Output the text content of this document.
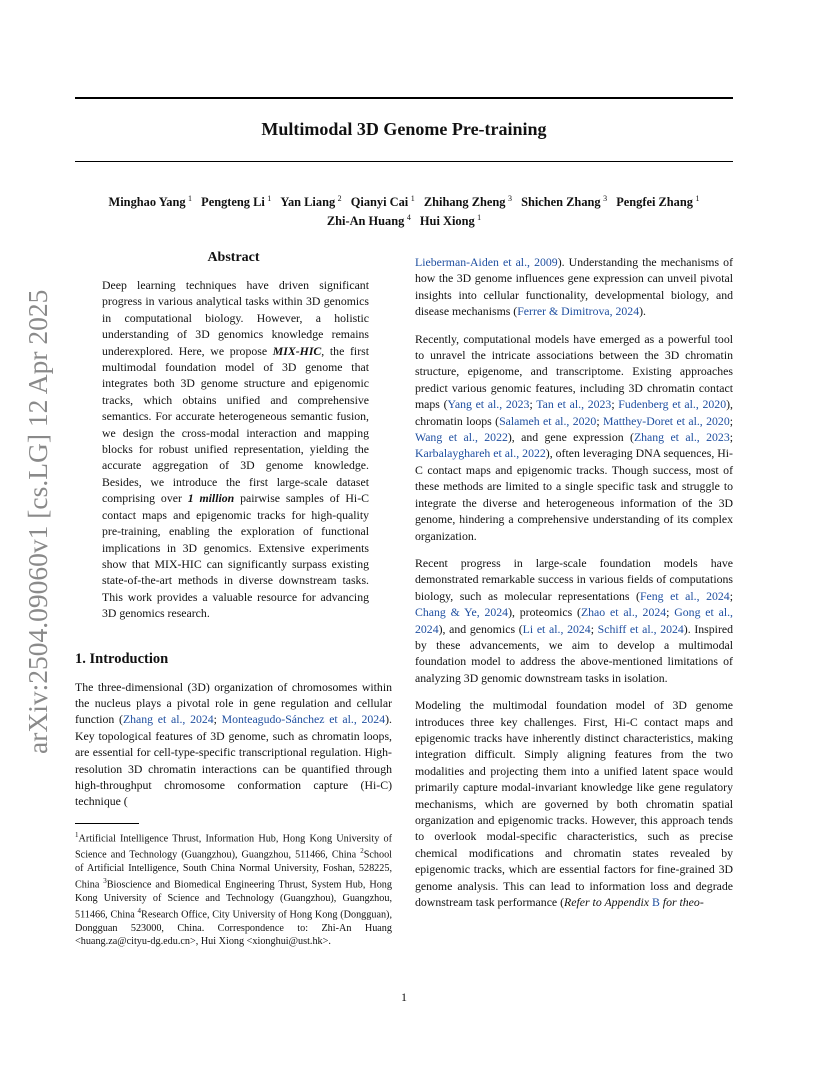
Multimodal 3D Genome Pre-training
Minghao Yang  $^1$ Pengteng Li  $^1$ Yan Liang  $^2$ Qianyi Cai  $^1$ Zhihang Zheng  $^3$ Shichen Zhang  $^3$ Pengfei Zhang  $^1$
Zhi-An Huang  $^4$ Hui Xiong  $^1$
arXiv:2504.09060v1 [cs.LG] 12 Apr 2025
Abstract

Deep learning techniques have driven significant progress in various analytical tasks within 3D genomics in computational biology. However, a holistic understanding of 3D genomics knowledge remains underexplored. Here, we propose MIX-HIC, the first multimodal foundation model of 3D genome that integrates both 3D genome structure and epigenomic tracks, which obtains unified and comprehensive semantics. For accurate heterogeneous semantic fusion, we design the cross-modal interaction and mapping blocks for robust unified representation, yielding the accurate aggregation of 3D genome knowledge. Besides, we introduce the first large-scale dataset comprising over 1 million pairwise samples of Hi-C contact maps and epigenomic tracks for high-quality pre-training, enabling the exploration of functional implications in 3D genomics. Extensive experiments show that MIX-HIC can significantly surpass existing state-of-the-art methods in diverse downstream tasks. This work provides a valuable resource for advancing 3D genomics research.

1. Introduction

The three-dimensional (3D) organization of chromosomes within the nucleus plays a pivotal role in gene regulation and cellular function (Zhang et al., 2024; Monteagudo-Sánchez et al., 2024). Key topological features of 3D genome, such as chromatin loops, are essential for cell-type-specific transcriptional regulation. High-resolution 3D chromatin interactions can be quantified through high-throughput chromosome conformation capture (Hi-C) technique (

$^1$Artificial Intelligence Thrust, Information Hub, Hong Kong University of Science and Technology (Guangzhou), Guangzhou, 511466, China $^2$School of Artificial Intelligence, South China Normal University, Foshan, 528225, China $^3$Bioscience and Biomedical Engineering Thrust, System Hub, Hong Kong University of Science and Technology (Guangzhou), Guangzhou, 511466, China $^4$Research Office, City University of Hong Kong (Dongguan), Dongguan 523000, China. Correspondence to: Zhi-An Huang <huang.za@cityu-dg.edu.cn>, Hui Xiong <xionghui@ust.hk>.

Lieberman-Aiden et al., 2009). Understanding the mechanisms of how the 3D genome influences gene expression can unveil pivotal insights into cellular functionality, developmental biology, and disease mechanisms (Ferrer & Dimitrova, 2024).

Recently, computational models have emerged as a powerful tool to unravel the intricate associations between the 3D chromatin structure, epigenome, and transcriptome. Existing approaches predict various genomic features, including 3D chromatin contact maps (Yang et al., 2023; Tan et al., 2023; Fudenberg et al., 2020), chromatin loops (Salameh et al., 2020; Matthey-Doret et al., 2020; Wang et al., 2022), and gene expression (Zhang et al., 2023; Karbalayghareh et al., 2022), often leveraging DNA sequences, Hi-C contact maps and epigenomic tracks. Though success, most of these methods are limited to a single specific task and struggle to integrate the diverse and heterogeneous information of the 3D genome, hindering a comprehensive understanding of its complex organization.

Recent progress in large-scale foundation models have demonstrated remarkable success in various fields of computations biology, such as molecular representations (Feng et al., 2024; Chang & Ye, 2024), proteomics (Zhao et al., 2024; Gong et al., 2024), and genomics (Li et al., 2024; Schiff et al., 2024). Inspired by these advancements, we aim to develop a multimodal foundation model to address the above-mentioned limitations of analyzing 3D genomic downstream tasks in isolation.

Modeling the multimodal foundation model of 3D genome introduces three key challenges. First, Hi-C contact maps and epigenomic tracks have inherently distinct characteristics, making integration difficult. Simply aligning features from the two modalities and projecting them into a unified latent space would primarily capture modal-invariant knowledge like gene regulatory mechanisms, which are governed by both chromatin spatial organization and epigenomic tracks. However, this approach tends to overlook modal-specific characteristics, such as precise chemical modifications and chromatin states revealed by epigenomic tracks, which are essential factors for fine-grained 3D genome analysis. This can lead to information loss and degrade downstream task performance (Refer to Appendix B for theo-

1
